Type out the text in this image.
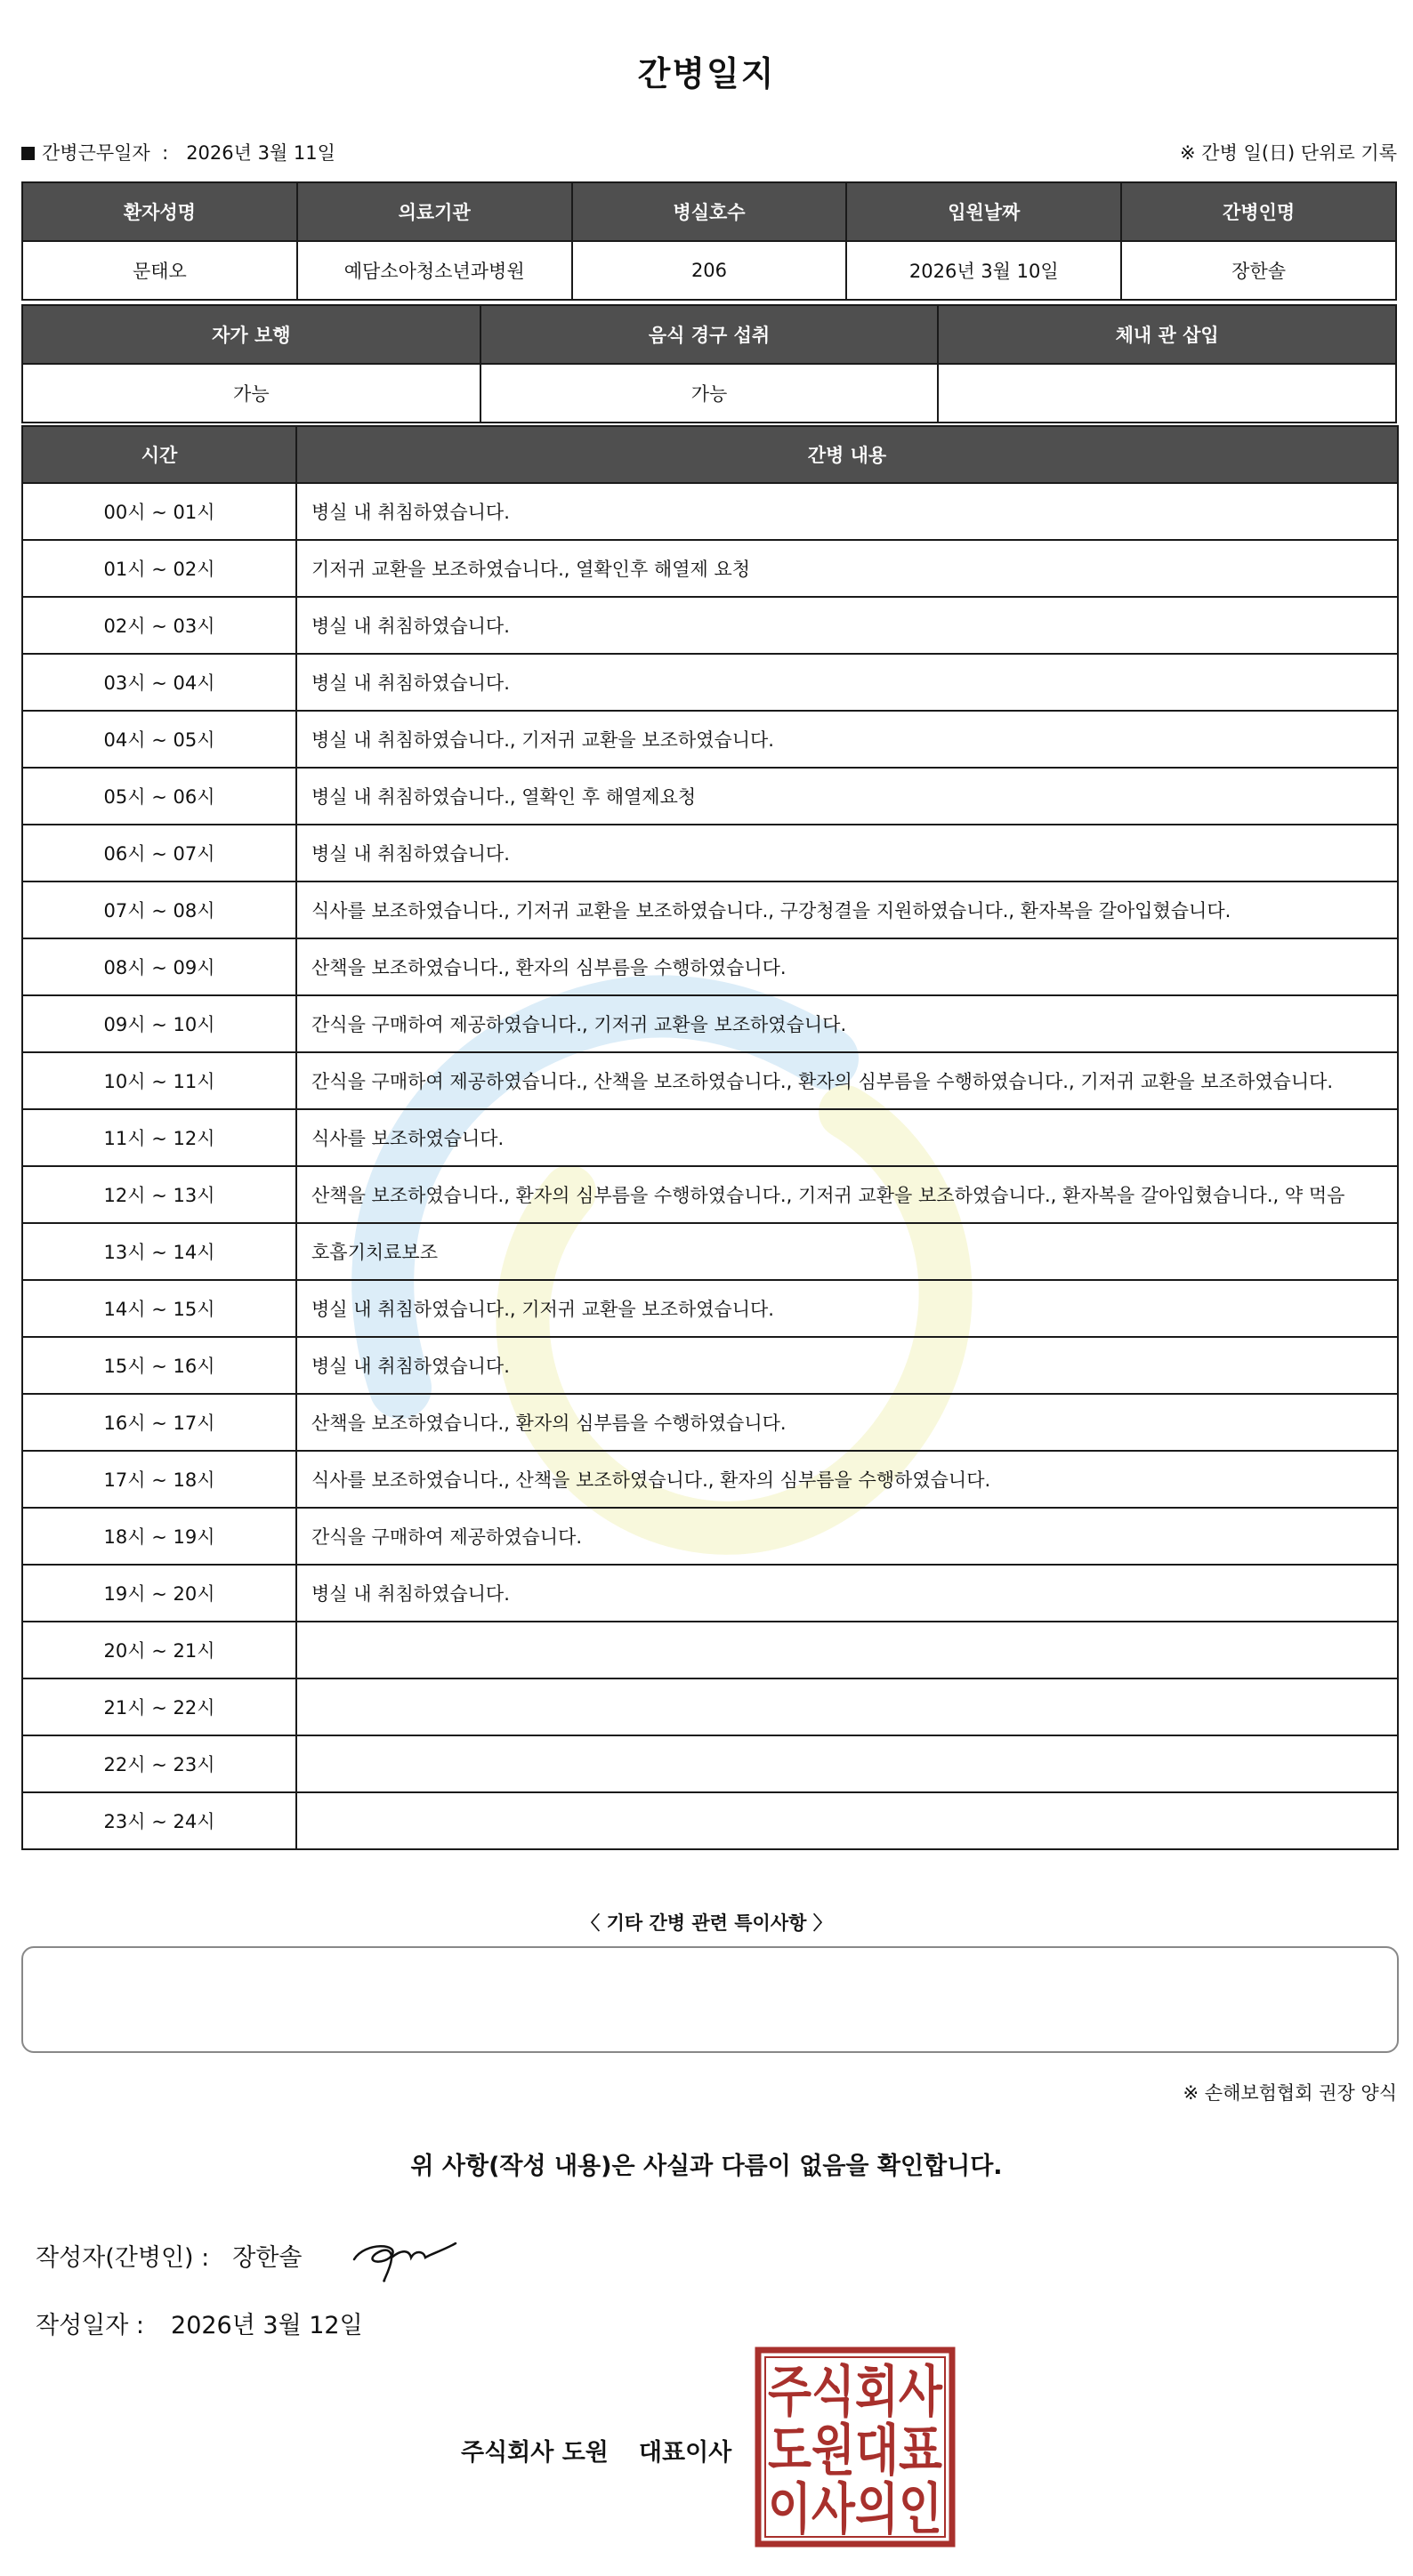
간병일지
간병근무일자 : 2026년 3월 11일	※ 간병 일(日) 단위로 기록
환자성명	의료기관	병실호수	입원날짜	간병인명
문태오	예담소아청소년과병원	206	2026년 3월 10일	장한솔
자가 보행	음식 경구 섭취	체내 관 삽입
가능	가능	
시간	간병 내용
00시 ~ 01시	병실 내 취침하였습니다.
01시 ~ 02시	기저귀 교환을 보조하였습니다., 열확인후 해열제 요청
02시 ~ 03시	병실 내 취침하였습니다.
03시 ~ 04시	병실 내 취침하였습니다.
04시 ~ 05시	병실 내 취침하였습니다., 기저귀 교환을 보조하였습니다.
05시 ~ 06시	병실 내 취침하였습니다., 열확인 후 해열제요청
06시 ~ 07시	병실 내 취침하였습니다.
07시 ~ 08시	식사를 보조하였습니다., 기저귀 교환을 보조하였습니다., 구강청결을 지원하였습니다., 환자복을 갈아입혔습니다.
08시 ~ 09시	산책을 보조하였습니다., 환자의 심부름을 수행하였습니다.
09시 ~ 10시	간식을 구매하여 제공하였습니다., 기저귀 교환을 보조하였습니다.
10시 ~ 11시	간식을 구매하여 제공하였습니다., 산책을 보조하였습니다., 환자의 심부름을 수행하였습니다., 기저귀 교환을 보조하였습니다.
11시 ~ 12시	식사를 보조하였습니다.
12시 ~ 13시	산책을 보조하였습니다., 환자의 심부름을 수행하였습니다., 기저귀 교환을 보조하였습니다., 환자복을 갈아입혔습니다., 약 먹음
13시 ~ 14시	호흡기치료보조
14시 ~ 15시	병실 내 취침하였습니다., 기저귀 교환을 보조하였습니다.
15시 ~ 16시	병실 내 취침하였습니다.
16시 ~ 17시	산책을 보조하였습니다., 환자의 심부름을 수행하였습니다.
17시 ~ 18시	식사를 보조하였습니다., 산책을 보조하였습니다., 환자의 심부름을 수행하였습니다.
18시 ~ 19시	간식을 구매하여 제공하였습니다.
19시 ~ 20시	병실 내 취침하였습니다.
20시 ~ 21시	
21시 ~ 22시	
22시 ~ 23시	
23시 ~ 24시	
〈 기타 간병 관련 특이사항 〉
※ 손해보험협회 권장 양식
위 사항(작성 내용)은 사실과 다름이 없음을 확인합니다.
작성자(간병인) : 장한솔
작성일자 : 2026년 3월 12일
주식회사 도원 대표이사
주식회사
도원대표
이사의인
